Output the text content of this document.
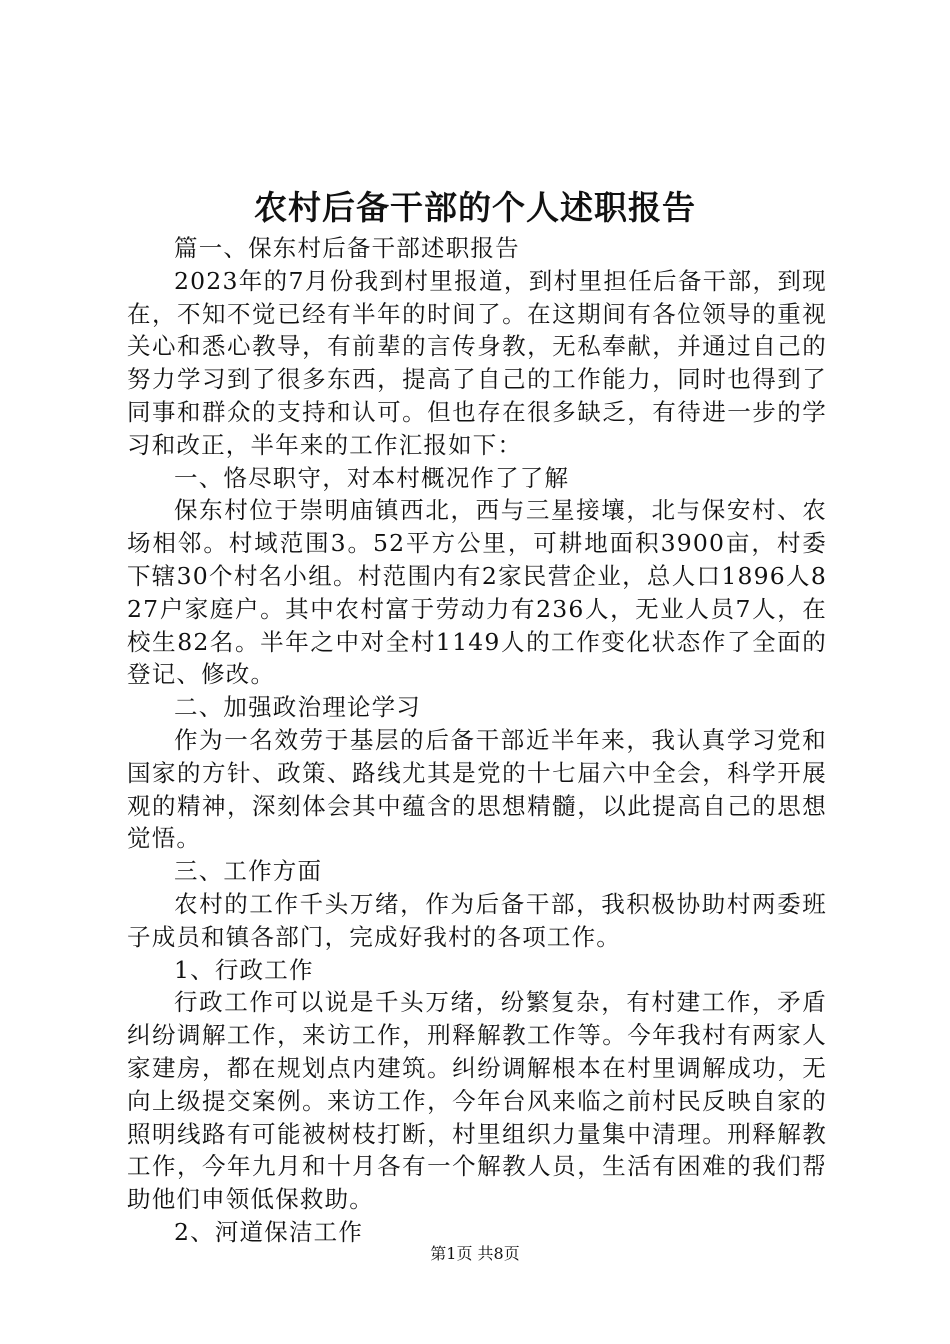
农村后备干部的个人述职报告

篇一、保东村后备干部述职报告

2023年的7月份我到村里报道，到村里担任后备干部，到现在，不知不觉已经有半年的时间了。在这期间有各位领导的重视关心和悉心教导，有前辈的言传身教，无私奉献，并通过自己的努力学习到了很多东西，提高了自己的工作能力，同时也得到了同事和群众的支持和认可。但也存在很多缺乏，有待进一步的学习和改正，半年来的工作汇报如下：

一、恪尽职守，对本村概况作了了解

保东村位于崇明庙镇西北，西与三星接壤，北与保安村、农场相邻。村域范围3。52平方公里，可耕地面积3900亩，村委下辖30个村名小组。村范围内有2家民营企业，总人口1896人827户家庭户。其中农村富于劳动力有236人，无业人员7人，在校生82名。半年之中对全村1149人的工作变化状态作了全面的登记、修改。

二、加强政治理论学习

作为一名效劳于基层的后备干部近半年来，我认真学习党和国家的方针、政策、路线尤其是党的十七届六中全会，科学开展观的精神，深刻体会其中蕴含的思想精髓，以此提高自己的思想觉悟。

三、工作方面

农村的工作千头万绪，作为后备干部，我积极协助村两委班子成员和镇各部门，完成好我村的各项工作。

1、行政工作

行政工作可以说是千头万绪，纷繁复杂，有村建工作，矛盾纠纷调解工作，来访工作，刑释解教工作等。今年我村有两家人家建房，都在规划点内建筑。纠纷调解根本在村里调解成功，无向上级提交案例。来访工作，今年台风来临之前村民反映自家的照明线路有可能被树枝打断，村里组织力量集中清理。刑释解教工作，今年九月和十月各有一个解教人员，生活有困难的我们帮助他们申领低保救助。

2、河道保洁工作

第1页 共8页
